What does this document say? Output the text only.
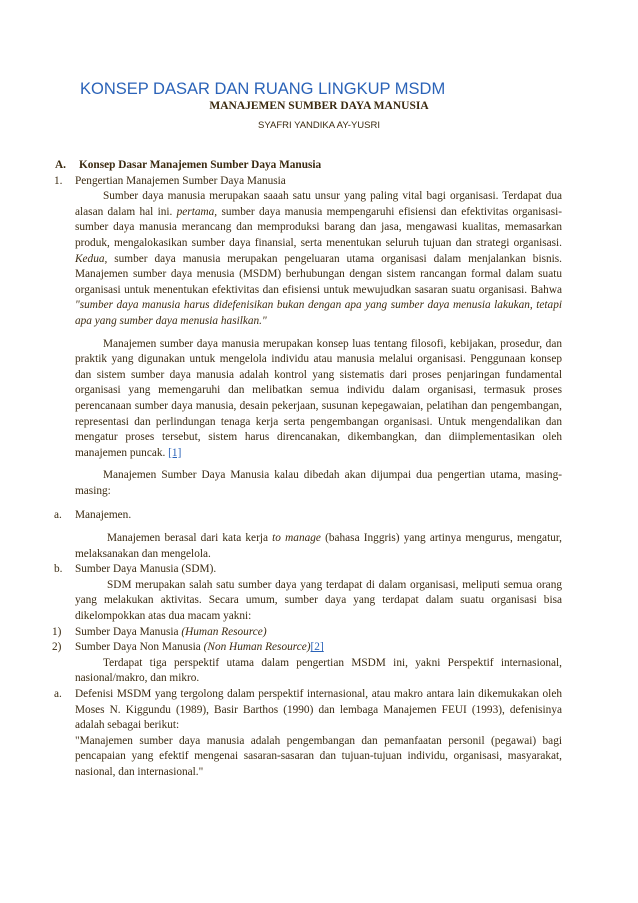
KONSEP DASAR DAN RUANG LINGKUP MSDM
MANAJEMEN SUMBER DAYA MANUSIA
SYAFRI YANDIKA AY-YUSRI
A.	Konsep Dasar Manajemen Sumber Daya Manusia
1.	Pengertian Manajemen Sumber Daya Manusia

Sumber daya manusia merupakan saaah satu unsur yang paling vital bagi organisasi. Terdapat dua alasan dalam hal ini. pertama, sumber daya manusia mempengaruhi efisiensi dan efektivitas organisasi-sumber daya manusia merancang dan memproduksi barang dan jasa, mengawasi kualitas, memasarkan produk, mengalokasikan sumber daya finansial, serta menentukan seluruh tujuan dan strategi organisasi. Kedua, sumber daya manusia merupakan pengeluaran utama organisasi dalam menjalankan bisnis. Manajemen sumber daya menusia (MSDM) berhubungan dengan sistem rancangan formal dalam suatu organisasi untuk menentukan efektivitas dan efisiensi untuk mewujudkan sasaran suatu organisasi. Bahwa "sumber daya manusia harus didefenisikan bukan dengan apa yang sumber daya menusia lakukan, tetapi apa yang sumber daya menusia hasilkan."

Manajemen sumber daya manusia merupakan konsep luas tentang filosofi, kebijakan, prosedur, dan praktik yang digunakan untuk mengelola individu atau manusia melalui organisasi. Penggunaan konsep dan sistem sumber daya manusia adalah kontrol yang sistematis dari proses penjaringan fundamental organisasi yang memengaruhi dan melibatkan semua individu dalam organisasi, termasuk proses perencanaan sumber daya manusia, desain pekerjaan, susunan kepegawaian, pelatihan dan pengembangan, representasi dan perlindungan tenaga kerja serta pengembangan organisasi. Untuk mengendalikan dan mengatur proses tersebut, sistem harus direncanakan, dikembangkan, dan diimplementasikan oleh manajemen puncak. [1]

Manajemen Sumber Daya Manusia kalau dibedah akan dijumpai dua pengertian utama, masing-masing:

a.	Manajemen.

Manajemen berasal dari kata kerja to manage (bahasa Inggris) yang artinya mengurus, mengatur, melaksanakan dan mengelola.

b.	Sumber Daya Manusia (SDM).

SDM merupakan salah satu sumber daya yang terdapat di dalam organisasi, meliputi semua orang yang melakukan aktivitas. Secara umum, sumber daya yang terdapat dalam suatu organisasi bisa dikelompokkan atas dua macam yakni:

1)	Sumber Daya Manusia (Human Resource)
2)	Sumber Daya Non Manusia (Non Human Resource)[2]

Terdapat tiga perspektif utama dalam pengertian MSDM ini, yakni Perspektif internasional, nasional/makro, dan mikro.

a.	Defenisi MSDM yang tergolong dalam perspektif internasional, atau makro antara lain dikemukakan oleh Moses N. Kiggundu (1989), Basir Barthos (1990) dan lembaga Manajemen FEUI (1993), defenisinya adalah sebagai berikut:
"Manajemen sumber daya manusia adalah pengembangan dan pemanfaatan personil (pegawai) bagi pencapaian yang efektif mengenai sasaran-sasaran dan tujuan-tujuan individu, organisasi, masyarakat, nasional, dan internasional."
